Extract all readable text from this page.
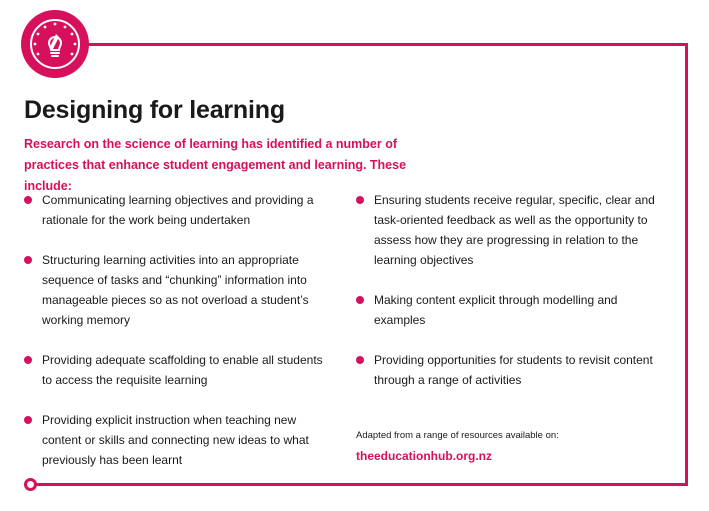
Designing for learning
Research on the science of learning has identified a number of practices that enhance student engagement and learning. These include:
Communicating learning objectives and providing a rationale for the work being undertaken
Structuring learning activities into an appropriate sequence of tasks and “chunking” information into manageable pieces so as not overload a student’s working memory
Providing adequate scaffolding to enable all students to access the requisite learning
Providing explicit instruction when teaching new content or skills and connecting new ideas to what previously has been learnt
Ensuring students receive regular, specific, clear and task-oriented feedback as well as the opportunity to assess how they are progressing in relation to the learning objectives
Making content explicit through modelling and examples
Providing opportunities for students to revisit content through a range of activities
Adapted from a range of resources available on:
theeducationhub.org.nz
